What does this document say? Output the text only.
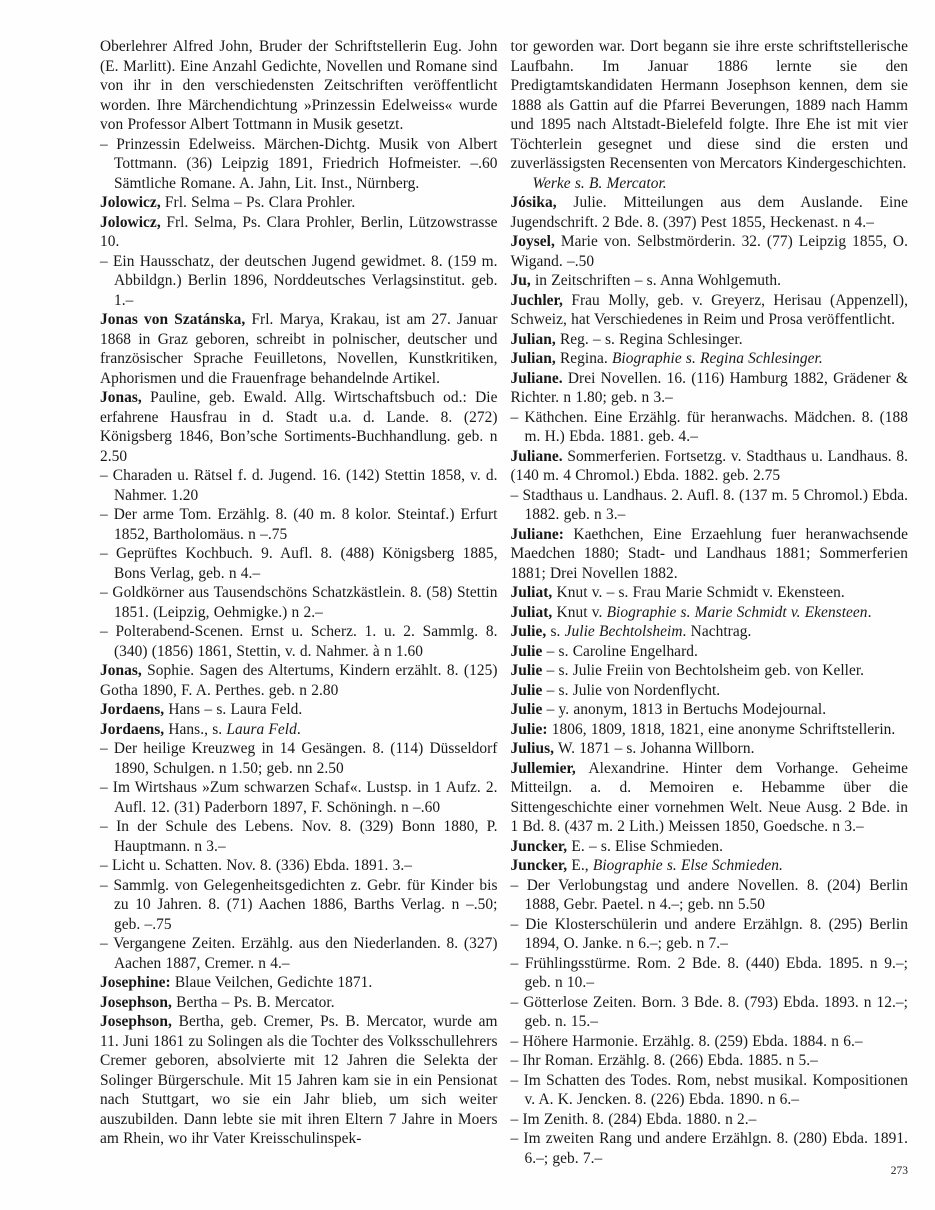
Oberlehrer Alfred John, Bruder der Schriftstellerin Eug. John (E. Marlitt). Eine Anzahl Gedichte, Novellen und Romane sind von ihr in den verschiedensten Zeitschriften veröffentlicht worden. Ihre Märchendichtung »Prinzessin Edelweiss« wurde von Professor Albert Tottmann in Musik gesetzt.

– Prinzessin Edelweiss. Märchen-Dichtg. Musik von Albert Tottmann. (36) Leipzig 1891, Friedrich Hofmeister. –.60 Sämtliche Romane. A. Jahn, Lit. Inst., Nürnberg.

Jolowicz, Frl. Selma – Ps. Clara Prohler.

Jolowicz, Frl. Selma, Ps. Clara Prohler, Berlin, Lützowstrasse 10.

– Ein Hausschatz, der deutschen Jugend gewidmet. 8. (159 m. Abbildgn.) Berlin 1896, Norddeutsches Verlagsinstitut. geb. 1.–

Jonas von Szatánska, Frl. Marya, Krakau, ist am 27. Januar 1868 in Graz geboren, schreibt in polnischer, deutscher und französischer Sprache Feuilletons, Novellen, Kunstkritiken, Aphorismen und die Frauenfrage behandelnde Artikel.

Jonas, Pauline, geb. Ewald. Allg. Wirtschaftsbuch od.: Die erfahrene Hausfrau in d. Stadt u.a. d. Lande. 8. (272) Königsberg 1846, Bon’sche Sortiments-Buchhandlung. geb. n 2.50

– Charaden u. Rätsel f. d. Jugend. 16. (142) Stettin 1858, v. d. Nahmer. 1.20

– Der arme Tom. Erzählg. 8. (40 m. 8 kolor. Steintaf.) Erfurt 1852, Bartholomäus. n –.75

– Geprüftes Kochbuch. 9. Aufl. 8. (488) Königsberg 1885, Bons Verlag, geb. n 4.–

– Goldkörner aus Tausendschöns Schatzkästlein. 8. (58) Stettin 1851. (Leipzig, Oehmigke.) n 2.–

– Polterabend-Scenen. Ernst u. Scherz. 1. u. 2. Sammlg. 8. (340) (1856) 1861, Stettin, v. d. Nahmer. à n 1.60

Jonas, Sophie. Sagen des Altertums, Kindern erzählt. 8. (125) Gotha 1890, F. A. Perthes. geb. n 2.80

Jordaens, Hans – s. Laura Feld.

Jordaens, Hans., s. Laura Feld.

– Der heilige Kreuzweg in 14 Gesängen. 8. (114) Düsseldorf 1890, Schulgen. n 1.50; geb. nn 2.50

– Im Wirtshaus »Zum schwarzen Schaf«. Lustsp. in 1 Aufz. 2. Aufl. 12. (31) Paderborn 1897, F. Schöningh. n –.60

– In der Schule des Lebens. Nov. 8. (329) Bonn 1880, P. Hauptmann. n 3.–

– Licht u. Schatten. Nov. 8. (336) Ebda. 1891. 3.–

– Sammlg. von Gelegenheitsgedichten z. Gebr. für Kinder bis zu 10 Jahren. 8. (71) Aachen 1886, Barths Verlag. n –.50; geb. –.75

– Vergangene Zeiten. Erzählg. aus den Niederlanden. 8. (327) Aachen 1887, Cremer. n 4.–

Josephine: Blaue Veilchen, Gedichte 1871.

Josephson, Bertha – Ps. B. Mercator.

Josephson, Bertha, geb. Cremer, Ps. B. Mercator, wurde am 11. Juni 1861 zu Solingen als die Tochter des Volksschullehrers Cremer geboren, absolvierte mit 12 Jahren die Selekta der Solinger Bürgerschule. Mit 15 Jahren kam sie in ein Pensionat nach Stuttgart, wo sie ein Jahr blieb, um sich weiter auszubilden. Dann lebte sie mit ihren Eltern 7 Jahre in Moers am Rhein, wo ihr Vater Kreisschulinspek-

tor geworden war. Dort begann sie ihre erste schriftstellerische Laufbahn. Im Januar 1886 lernte sie den Predigtamtskandidaten Hermann Josephson kennen, dem sie 1888 als Gattin auf die Pfarrei Beverungen, 1889 nach Hamm und 1895 nach Altstadt-Bielefeld folgte. Ihre Ehe ist mit vier Töchterlein gesegnet und diese sind die ersten und zuverlässigsten Recensenten von Mercators Kindergeschichten.

Werke s. B. Mercator.

Jósika, Julie. Mitteilungen aus dem Auslande. Eine Jugendschrift. 2 Bde. 8. (397) Pest 1855, Heckenast. n 4.–

Joysel, Marie von. Selbstmörderin. 32. (77) Leipzig 1855, O. Wigand. –.50

Ju, in Zeitschriften – s. Anna Wohlgemuth.

Juchler, Frau Molly, geb. v. Greyerz, Herisau (Appenzell), Schweiz, hat Verschiedenes in Reim und Prosa veröffentlicht.

Julian, Reg. – s. Regina Schlesinger.

Julian, Regina. Biographie s. Regina Schlesinger.

Juliane. Drei Novellen. 16. (116) Hamburg 1882, Grädener & Richter. n 1.80; geb. n 3.–

– Käthchen. Eine Erzählg. für heranwachs. Mädchen. 8. (188 m. H.) Ebda. 1881. geb. 4.–

Juliane. Sommerferien. Fortsetzg. v. Stadthaus u. Landhaus. 8. (140 m. 4 Chromol.) Ebda. 1882. geb. 2.75

– Stadthaus u. Landhaus. 2. Aufl. 8. (137 m. 5 Chromol.) Ebda. 1882. geb. n 3.–

Juliane: Kaethchen, Eine Erzaehlung fuer heranwachsende Maedchen 1880; Stadt- und Landhaus 1881; Sommerferien 1881; Drei Novellen 1882.

Juliat, Knut v. – s. Frau Marie Schmidt v. Ekensteen.

Juliat, Knut v. Biographie s. Marie Schmidt v. Ekensteen.

Julie, s. Julie Bechtolsheim. Nachtrag.

Julie – s. Caroline Engelhard.

Julie – s. Julie Freiin von Bechtolsheim geb. von Keller.

Julie – s. Julie von Nordenflycht.

Julie – y. anonym, 1813 in Bertuchs Modejournal.

Julie: 1806, 1809, 1818, 1821, eine anonyme Schriftstellerin.

Julius, W. 1871 – s. Johanna Willborn.

Jullemier, Alexandrine. Hinter dem Vorhange. Geheime Mitteilgn. a. d. Memoiren e. Hebamme über die Sittengeschichte einer vornehmen Welt. Neue Ausg. 2 Bde. in 1 Bd. 8. (437 m. 2 Lith.) Meissen 1850, Goedsche. n 3.–

Juncker, E. – s. Elise Schmieden.

Juncker, E., Biographie s. Else Schmieden.

– Der Verlobungstag und andere Novellen. 8. (204) Berlin 1888, Gebr. Paetel. n 4.–; geb. nn 5.50

– Die Klosterschülerin und andere Erzählgn. 8. (295) Berlin 1894, O. Janke. n 6.–; geb. n 7.–

– Frühlingsstürme. Rom. 2 Bde. 8. (440) Ebda. 1895. n 9.–; geb. n 10.–

– Götterlose Zeiten. Born. 3 Bde. 8. (793) Ebda. 1893. n 12.–; geb. n. 15.–

– Höhere Harmonie. Erzählg. 8. (259) Ebda. 1884. n 6.–

– Ihr Roman. Erzählg. 8. (266) Ebda. 1885. n 5.–

– Im Schatten des Todes. Rom, nebst musikal. Kompositionen v. A. K. Jencken. 8. (226) Ebda. 1890. n 6.–

– Im Zenith. 8. (284) Ebda. 1880. n 2.–

– Im zweiten Rang und andere Erzählgn. 8. (280) Ebda. 1891. 6.–; geb. 7.–

273
